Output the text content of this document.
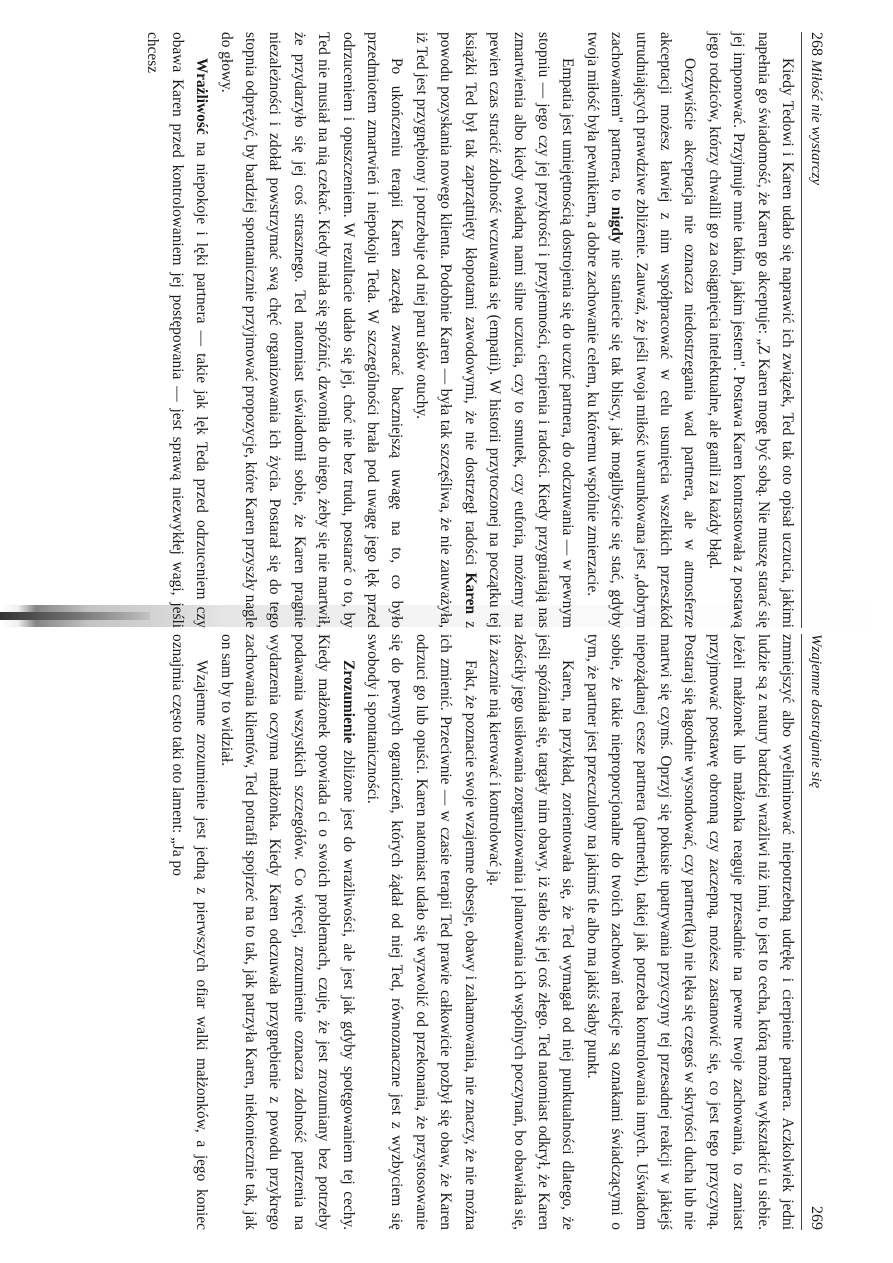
268 Miłość nie wystarczy

Kiedy Tedowi i Karen udało się naprawić ich związek, Ted tak oto opisał uczucia, jakimi napełnia go świadomość, że Karen go akceptuje: „Z Karen mogę być sobą. Nie muszę starać się jej imponować. Przyjmuje mnie takim, jakim jestem". Postawa Karen kontrastowała z postawą jego rodziców, którzy chwalili go za osiągnięcia intelektualne, ale ganili za każdy błąd.

Oczywiście akceptacja nie oznacza niedostrzegania wad partnera, ale w atmosferze akceptacji możesz łatwiej z nim współpracować w celu usunięcia wszelkich przeszkód utrudniających prawdziwe zbliżenie. Zauważ, że jeśli twoja miłość uwarunkowana jest „dobrym zachowaniem" partnera, to nigdy nie staniecie się tak bliscy, jak moglibyście się stać, gdyby twoja miłość była pewnikiem, a dobre zachowanie celem, ku któremu wspólnie zmierzacie.

Empatia jest umiejętnością dostrojenia się do uczuć partnera, do odczuwania — w pewnym stopniu — jego czy jej przykrości i przyjemności, cierpienia i radości. Kiedy przygniatają nas zmartwienia albo kiedy owładną nami silne uczucia, czy to smutek, czy euforia, możemy na pewien czas stracić zdolność wczuwania się (empatii). W historii przytoczonej na początku tej książki Ted był tak zaprzątnięty kłopotami zawodowymi, że nie dostrzegł radości Karen z powodu pozyskania nowego klienta. Podobnie Karen — była tak szczęśliwa, że nie zauważyła, iż Ted jest przygnębiony i potrzebuje od niej paru słów otuchy.

Po ukończeniu terapii Karen zaczęła zwracać baczniejszą uwagę na to, co było przedmiotem zmartwień i niepokoju Teda. W szczególności brała pod uwagę jego lęk przed odrzuceniem i opuszczeniem. W rezultacie udało się jej, choć nie bez trudu, postarać o to, by Ted nie musiał na nią czekać. Kiedy miała się spóźnić, dzwoniła do niego, żeby się nie martwił, że przydarzyło się jej coś strasznego. Ted natomiast uświadomił sobie, że Karen pragnie niezależności i zdołał powstrzymać swą chęć organizowania ich życia. Postarał się do tego stopnia odprężyć, by bardziej spontanicznie przyjmować propozycje, które Karen przyszły nagle do głowy.

Wrażliwość na niepokoje i lęki partnera — takie jak lęk Teda przed odrzuceniem czy obawa Karen przed kontrolowaniem jej postępowania — jest sprawą niezwykłej wagi, jeśli chcesz

Wzajemne dostrajanie się
269

zmniejszyć albo wyeliminować niepotrzebną udrękę i cierpienie partnera. Aczkolwiek jedni ludzie są z natury bardziej wrażliwi niż inni, to jest to cecha, którą można wykształcić u siebie. Jeżeli małżonek lub małżonka reaguje przesadnie na pewne twoje zachowania, to zamiast przyjmować postawę obronną czy zaczepną, możesz zastanowić się, co jest tego przyczyną. Postaraj się łagodnie wysondować, czy partner(ka) nie lęka się czegoś w skrytości ducha lub nie martwi się czymś. Oprzyj się pokusie upatrywania przyczyny tej przesadnej reakcji w jakiejś niepożądanej cesze partnera (partnerki), takiej jak potrzeba kontrolowania innych. Uświadom sobie, że takie nieproporcjonalne do twoich zachowań reakcje są oznakami świadczącymi o tym, że partner jest przeczulony na jakimś tle albo ma jakiś słaby punkt.

Karen, na przykład, zorientowała się, że Ted wymagał od niej punktualności dlatego, że jeśli spóźniała się, targały nim obawy, iż stało się jej coś złego. Ted natomiast odkrył, że Karen złościły jego usiłowania zorganizowania i planowania ich wspólnych poczynań, bo obawiała się, iż zacznie nią kierować i kontrolować ją.

Fakt, że poznacie swoje wzajemne obsesje, obawy i zahamowania, nie znaczy, że nie można ich zmienić. Przeciwnie — w czasie terapii Ted prawie całkowicie pozbył się obaw, że Karen odrzuci go lub opuści. Karen natomiast udało się wyzwolić od przekonania, że przystosowanie się do pewnych ograniczeń, których żądał od niej Ted, równoznaczne jest z wyzbyciem się swobody i spontaniczności.

Zrozumienie zbliżone jest do wrażliwości, ale jest jak gdyby spotęgowaniem tej cechy. Kiedy małżonek opowiada ci o swoich problemach, czuje, że jest zrozumiany bez potrzeby podawania wszystkich szczegółów. Co więcej, zrozumienie oznacza zdolność patrzenia na wydarzenia oczyma małżonka. Kiedy Karen odczuwała przygnębienie z powodu przykrego zachowania klientów, Ted potrafił spojrzeć na to tak, jak patrzyła Karen, niekoniecznie tak, jak on sam by to widział.

Wzajemne zrozumienie jest jedną z pierwszych ofiar walki małżonków, a jego koniec oznajmia często taki oto lament: „Ja po
